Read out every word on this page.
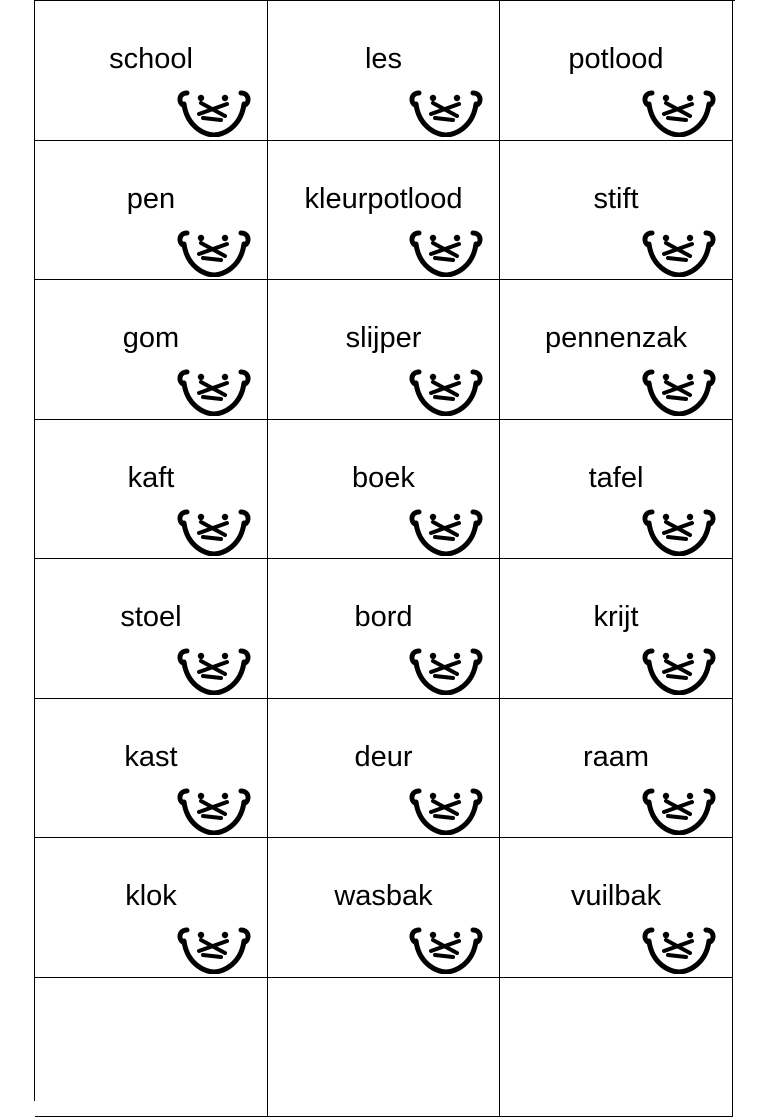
school	les	potlood
pen	kleurpotlood	stift
gom	slijper	pennenzak
kaft	boek	tafel
stoel	bord	krijt
kast	deur	raam
klok	wasbak	vuilbak
